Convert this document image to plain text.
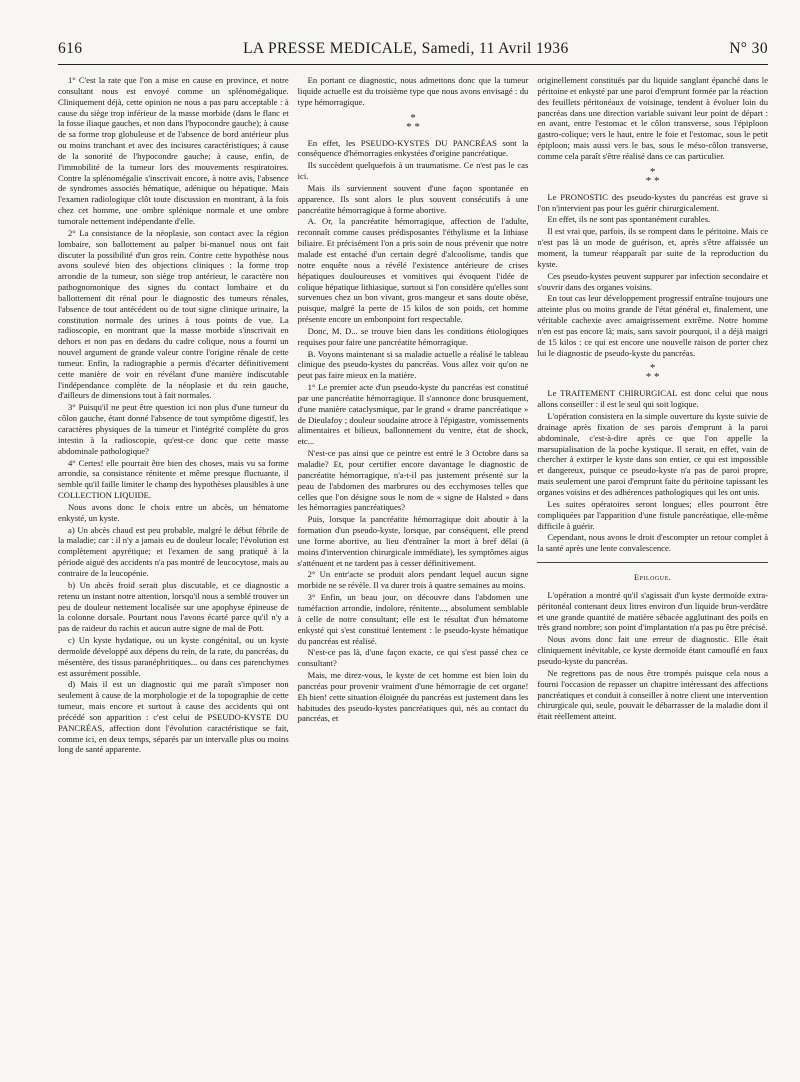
616	LA PRESSE MEDICALE, Samedi, 11 Avril 1936	N° 30

1° C'est la rate que l'on a mise en cause en province, et notre consultant nous est envoyé comme un splénomégalique. Cliniquement déjà, cette opinion ne nous a pas paru acceptable : à cause du siège trop inférieur de la masse morbide (dans le flanc et la fosse iliaque gauches, et non dans l'hypocondre gauche); à cause de sa forme trop globuleuse et de l'absence de bord antérieur plus ou moins tranchant et avec des incisures caractéristiques; à cause de la sonorité de l'hypocondre gauche; à cause, enfin, de l'immobilité de la tumeur lors des mouvements respiratoires. Contre la splénomégalie s'inscrivait encore, à notre avis, l'absence de syndromes associés hématique, adénique ou hépatique. Mais l'examen radiologique clôt toute discussion en montrant, à la fois chez cet homme, une ombre splénique normale et une ombre tumorale nettement indépendante d'elle.

2° La consistance de la néoplasie, son contact avec la région lombaire, son ballottement au palper bi-manuel nous ont fait discuter la possibilité d'un gros rein. Contre cette hypothèse nous avons soulevé bien des objections cliniques : la forme trop arrondie de la tumeur, son siège trop antérieur, le caractère non pathognomonique des signes du contact lombaire et du ballottement dit rénal pour le diagnostic des tumeurs rénales, l'absence de tout antécédent ou de tout signe clinique urinaire, la constitution normale des urines à tous points de vue. La radioscopie, en montrant que la masse morbide s'inscrivait en dehors et non pas en dedans du cadre colique, nous a fourni un nouvel argument de grande valeur contre l'origine rénale de cette tumeur. Enfin, la radiographie a permis d'écarter définitivement cette manière de voir en révélant d'une manière indiscutable l'indépendance complète de la néoplasie et du rein gauche, d'ailleurs de dimensions tout à fait normales.

3° Puisqu'il ne peut être question ici non plus d'une tumeur du côlon gauche, étant donné l'absence de tout symptôme digestif, les caractères physiques de la tumeur et l'intégrité complète du gros intestin à la radioscopie, qu'est-ce donc que cette masse abdominale pathologique?

4° Certes! elle pourrait être bien des choses, mais vu sa forme arrondie, sa consistance rénitente et même presque fluctuante, il semble qu'il faille limiter le champ des hypothèses plausibles à une COLLECTION LIQUIDE.

Nous avons donc le choix entre un abcès, un hématome enkysté, un kyste.

a) Un abcès chaud est peu probable, malgré le début fébrile de la maladie; car : il n'y a jamais eu de douleur locale; l'évolution est complètement apyrétique; et l'examen de sang pratiqué à la période aiguë des accidents n'a pas montré de leucocytose, mais au contraire de la leucopénie.

b) Un abcès froid serait plus discutable, et ce diagnostic a retenu un instant notre attention, lorsqu'il nous a semblé trouver un peu de douleur nettement localisée sur une apophyse épineuse de la colonne dorsale. Pourtant nous l'avons écarté parce qu'il n'y a pas de raideur du rachis et aucun autre signe de mal de Pott.

c) Un kyste hydatique, ou un kyste congénital, ou un kyste dermoïde développé aux dépens du rein, de la rate, du pancréas, du mésentère, des tissus paranéphritiques... ou dans ces parenchymes est assurément possible.

d) Mais il est un diagnostic qui me paraît s'imposer non seulement à cause de la morphologie et de la topographie de cette tumeur, mais encore et surtout à cause des accidents qui ont précédé son apparition : c'est celui de PSEUDO-KYSTE DU PANCRÉAS, affection dont l'évolution caractéristique se fait, comme ici, en deux temps, séparés par un intervalle plus ou moins long de santé apparente.

En portant ce diagnostic, nous admettons donc que la tumeur liquide actuelle est du troisième type que nous avons envisagé : du type hémorragique.

*
* *

En effet, les PSEUDO-KYSTES DU PANCRÉAS sont la conséquence d'hémorragies enkystées d'origine pancréatique.

Ils succèdent quelquefois à un traumatisme. Ce n'est pas le cas ici.

Mais ils surviennent souvent d'une façon spontanée en apparence. Ils sont alors le plus souvent consécutifs à une pancréatite hémorragique à forme abortive.

A. Or, la pancréatite hémorragique, affection de l'adulte, reconnaît comme causes prédisposantes l'éthylisme et la lithiase biliaire. Et précisément l'on a pris soin de nous prévenir que notre malade est entaché d'un certain degré d'alcoolisme, tandis que notre enquête nous a révélé l'existence antérieure de crises hépatiques douloureuses et vomitives qui évoquent l'idée de colique hépatique lithiasique, surtout si l'on considère qu'elles sont survenues chez un bon vivant, gros mangeur et sans doute obèse, puisque, malgré la perte de 15 kilos de son poids, cet homme présente encore un embonpoint fort respectable.

Donc, M. D... se trouve bien dans les conditions étiologiques requises pour faire une pancréatite hémorragique.

B. Voyons maintenant si sa maladie actuelle a réalisé le tableau clinique des pseudo-kystes du pancréas. Vous allez voir qu'on ne peut pas faire mieux en la matière.

1° Le premier acte d'un pseudo-kyste du pancréas est constitué par une pancréatite hémorragique. Il s'annonce donc brusquement, d'une manière cataclysmique, par le grand « drame pancréatique » de Dieulafoy ; douleur soudaine atroce à l'épigastre, vomissements alimentaires et bilieux, ballonnement du ventre, état de shock, etc...

N'est-ce pas ainsi que ce peintre est entré le 3 Octobre dans sa maladie? Et, pour certifier encore davantage le diagnostic de pancréatite hémorragique, n'a-t-il pas justement présenté sur la peau de l'abdomen des marbrures ou des ecchymoses telles que celles que l'on désigne sous le nom de « signe de Halsted » dans les hémorragies pancréatiques?

Puis, lorsque la pancréatite hémorragique doit aboutir à la formation d'un pseudo-kyste, lorsque, par conséquent, elle prend une forme abortive, au lieu d'entraîner la mort à bref délai (à moins d'intervention chirurgicale immédiate), les symptômes aigus s'atténuent et ne tardent pas à cesser définitivement.

2° Un entr'acte se produit alors pendant lequel aucun signe morbide ne se révèle. Il va durer trois à quatre semaines au moins.

3° Enfin, un beau jour, on découvre dans l'abdomen une tuméfaction arrondie, indolore, rénitente..., absolument semblable à celle de notre consultant; elle est le résultat d'un hématome enkysté qui s'est constitué lentement : le pseudo-kyste hématique du pancréas est réalisé.

N'est-ce pas là, d'une façon exacte, ce qui s'est passé chez ce consultant?

Mais, me direz-vous, le kyste de cet homme est bien loin du pancréas pour provenir vraiment d'une hémorragie de cet organe! Eh bien! cette situation éloignée du pancréas est justement dans les habitudes des pseudo-kystes pancréatiques qui, nés au contact du pancréas, et

originellement constitués par du liquide sanglant épanché dans le péritoine et enkysté par une paroi d'emprunt formée par la réaction des feuillets péritonéaux de voisinage, tendent à évoluer loin du pancréas dans une direction variable suivant leur point de départ : en avant, entre l'estomac et le côlon transverse, sous l'épiploon gastro-colique; vers le haut, entre le foie et l'estomac, sous le petit épiploon; mais aussi vers le bas, sous le méso-côlon transverse, comme cela paraît s'être réalisé dans ce cas particulier.

*
* *

Le PRONOSTIC des pseudo-kystes du pancréas est grave si l'on n'intervient pas pour les guérir chirurgicalement.

En effet, ils ne sont pas spontanément curables.

Il est vrai que, parfois, ils se rompent dans le péritoine. Mais ce n'est pas là un mode de guérison, et, après s'être affaissée un moment, la tumeur réapparaît par suite de la reproduction du kyste.

Ces pseudo-kystes peuvent suppurer par infection secondaire et s'ouvrir dans des organes voisins.

En tout cas leur développement progressif entraîne toujours une atteinte plus ou moins grande de l'état général et, finalement, une véritable cachexie avec amaigrissement extrême. Notre homme n'en est pas encore là; mais, sans savoir pourquoi, il a déjà maigri de 15 kilos : ce qui est encore une nouvelle raison de porter chez lui le diagnostic de pseudo-kyste du pancréas.

*
* *

Le TRAITEMENT CHIRURGICAL est donc celui que nous allons conseiller : il est le seul qui soit logique.

L'opération consistera en la simple ouverture du kyste suivie de drainage après fixation de ses parois d'emprunt à la paroi abdominale, c'est-à-dire après ce que l'on appelle la marsupialisation de la poche kystique. Il serait, en effet, vain de chercher à extirper le kyste dans son entier, ce qui est impossible et dangereux, puisque ce pseudo-kyste n'a pas de paroi propre, mais seulement une paroi d'emprunt faite du péritoine tapissant les organes voisins et des adhérences pathologiques qui les ont unis.

Les suites opératoires seront longues; elles pourront être compliquées par l'apparition d'une fistule pancréatique, elle-même difficile à guérir.

Cependant, nous avons le droit d'escompter un retour complet à la santé après une lente convalescence.

Epilogue.

L'opération a montré qu'il s'agissait d'un kyste dermoïde extra-péritonéal contenant deux litres environ d'un liquide brun-verdâtre et une grande quantité de matière sébacée agglutinant des poils en très grand nombre; son point d'implantation n'a pas pu être précisé.

Nous avons donc fait une erreur de diagnostic. Elle était cliniquement inévitable, ce kyste dermoïde étant camouflé en faux pseudo-kyste du pancréas.

Ne regrettons pas de nous être trompés puisque cela nous a fourni l'occasion de repasser un chapitre intéressant des affections pancréatiques et conduit à conseiller à notre client une intervention chirurgicale qui, seule, pouvait le débarrasser de la maladie dont il était réellement atteint.
